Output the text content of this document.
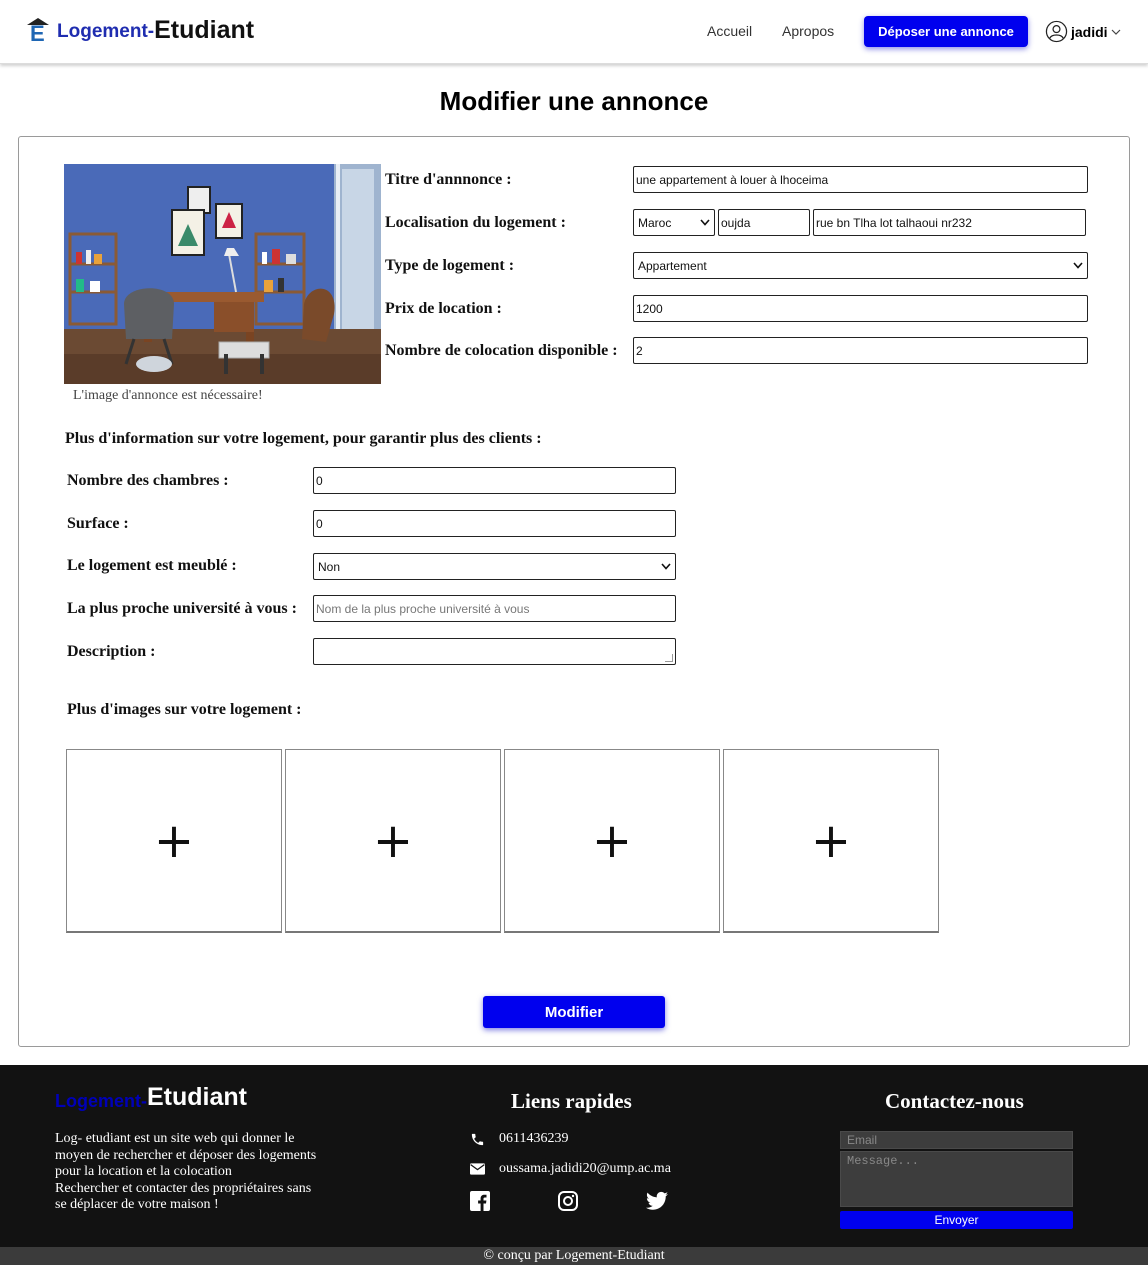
E Logement- Etudiant	Accueil Apropos	Déposer une annonce	jadidi
Modifier une annonce
L'image d'annonce est nécessaire!
Titre d'annnonce :	une appartement à louer à lhoceima
Localisation du logement :	Maroc	oujda	rue bn Tlha lot talhaoui nr232
Type de logement :	Appartement
Prix de location :	1200
Nombre de colocation disponible : 2
Plus d'information sur votre logement, pour garantir plus des clients :
Nombre des chambres :	0
Surface :	0
Le logement est meublé :	Non
La plus proche université à vous : Nom de la plus proche université à vous
Description :
Plus d'images sur votre logement :
+	+	+	+
Modifier
Logement- Etudiant
Log- etudiant est un site web qui donner le
moyen de rechercher et déposer des logements
pour la location et la colocation
Rechercher et contacter des propriétaires sans
se déplacer de votre maison !
Liens rapides
0611436239
oussama.jadidi20@ump.ac.ma
Contactez-nous
Email
Message...
Envoyer
© conçu par Logement-Etudiant
